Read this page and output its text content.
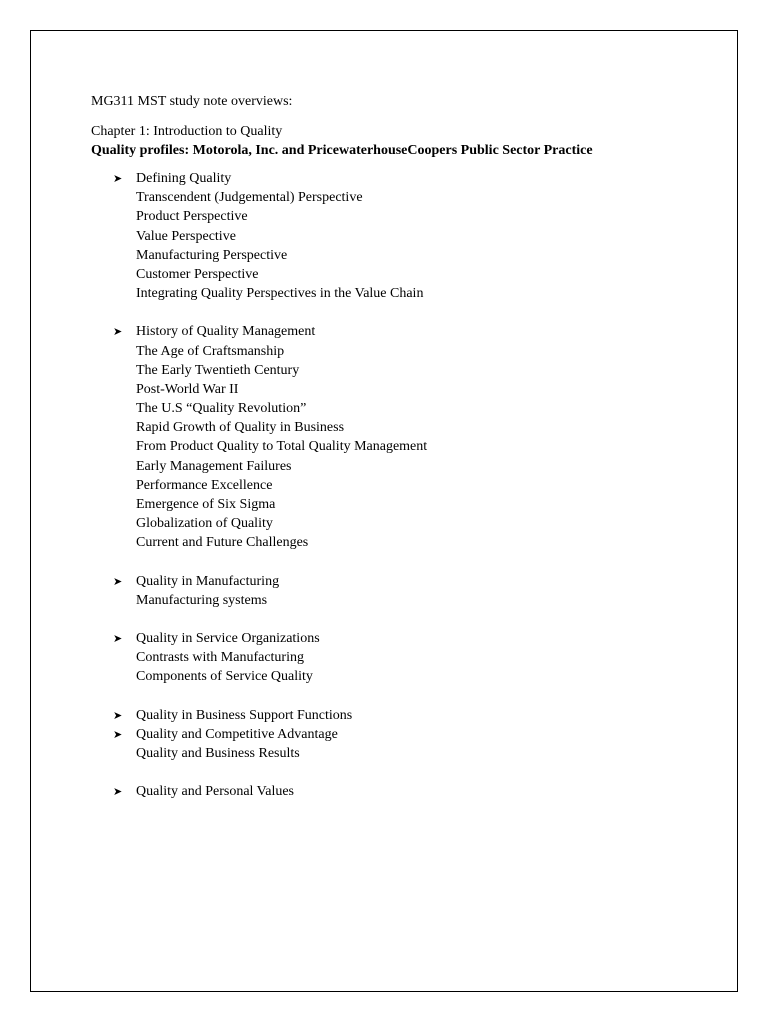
MG311 MST study note overviews:
Chapter 1: Introduction to Quality
Quality profiles: Motorola, Inc. and PricewaterhouseCoopers Public Sector Practice
➤ Defining Quality
Transcendent (Judgemental) Perspective
Product Perspective
Value Perspective
Manufacturing Perspective
Customer Perspective
Integrating Quality Perspectives in the Value Chain
➤ History of Quality Management
The Age of Craftsmanship
The Early Twentieth Century
Post-World War II
The U.S “Quality Revolution”
Rapid Growth of Quality in Business
From Product Quality to Total Quality Management
Early Management Failures
Performance Excellence
Emergence of Six Sigma
Globalization of Quality
Current and Future Challenges
➤ Quality in Manufacturing
Manufacturing systems
➤ Quality in Service Organizations
Contrasts with Manufacturing
Components of Service Quality
➤ Quality in Business Support Functions
➤ Quality and Competitive Advantage
Quality and Business Results
➤ Quality and Personal Values
